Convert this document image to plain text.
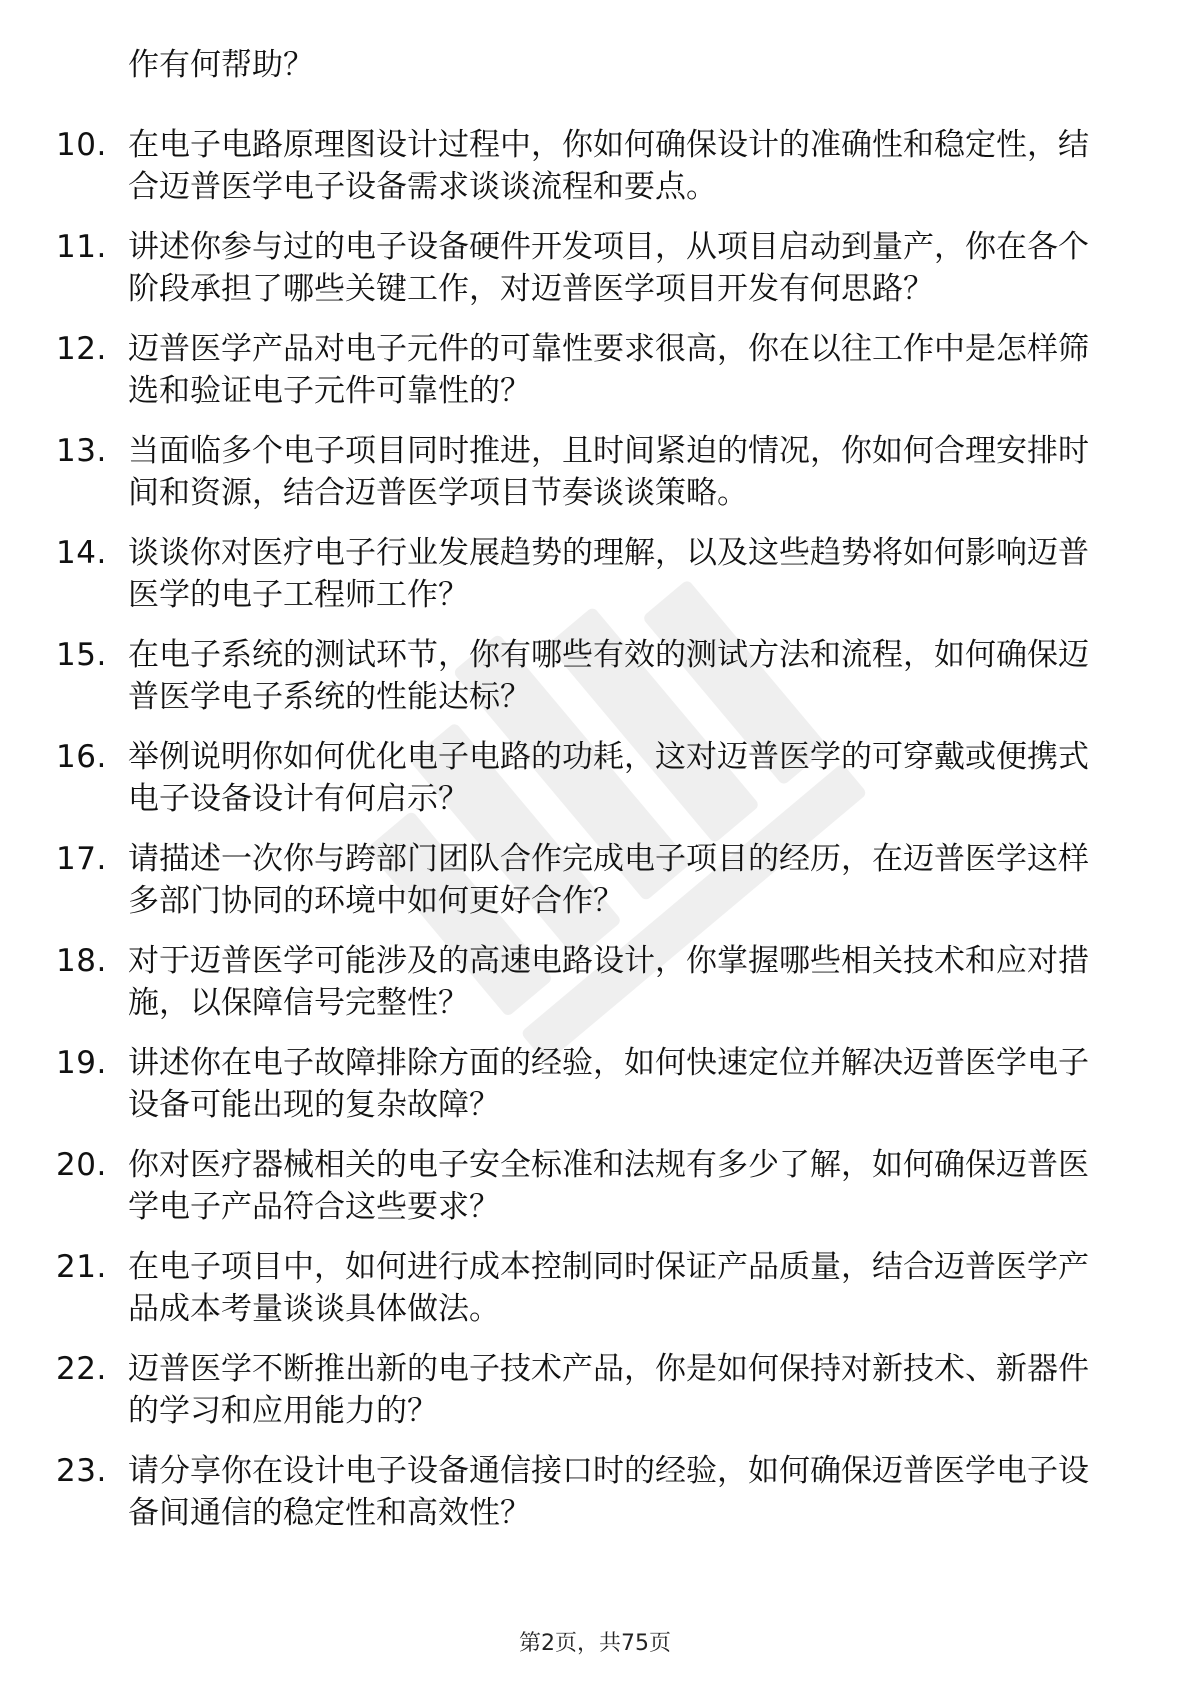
作有何帮助？
10. 在电子电路原理图设计过程中，你如何确保设计的准确性和稳定性，结合迈普医学电子设备需求谈谈流程和要点。
11. 讲述你参与过的电子设备硬件开发项目，从项目启动到量产，你在各个阶段承担了哪些关键工作，对迈普医学项目开发有何思路？
12. 迈普医学产品对电子元件的可靠性要求很高，你在以往工作中是怎样筛选和验证电子元件可靠性的？
13. 当面临多个电子项目同时推进，且时间紧迫的情况，你如何合理安排时间和资源，结合迈普医学项目节奏谈谈策略。
14. 谈谈你对医疗电子行业发展趋势的理解，以及这些趋势将如何影响迈普医学的电子工程师工作？
15. 在电子系统的测试环节，你有哪些有效的测试方法和流程，如何确保迈普医学电子系统的性能达标？
16. 举例说明你如何优化电子电路的功耗，这对迈普医学的可穿戴或便携式电子设备设计有何启示？
17. 请描述一次你与跨部门团队合作完成电子项目的经历，在迈普医学这样多部门协同的环境中如何更好合作？
18. 对于迈普医学可能涉及的高速电路设计，你掌握哪些相关技术和应对措施，以保障信号完整性？
19. 讲述你在电子故障排除方面的经验，如何快速定位并解决迈普医学电子设备可能出现的复杂故障？
20. 你对医疗器械相关的电子安全标准和法规有多少了解，如何确保迈普医学电子产品符合这些要求？
21. 在电子项目中，如何进行成本控制同时保证产品质量，结合迈普医学产品成本考量谈谈具体做法。
22. 迈普医学不断推出新的电子技术产品，你是如何保持对新技术、新器件的学习和应用能力的？
23. 请分享你在设计电子设备通信接口时的经验，如何确保迈普医学电子设备间通信的稳定性和高效性？
第2页，共75页
